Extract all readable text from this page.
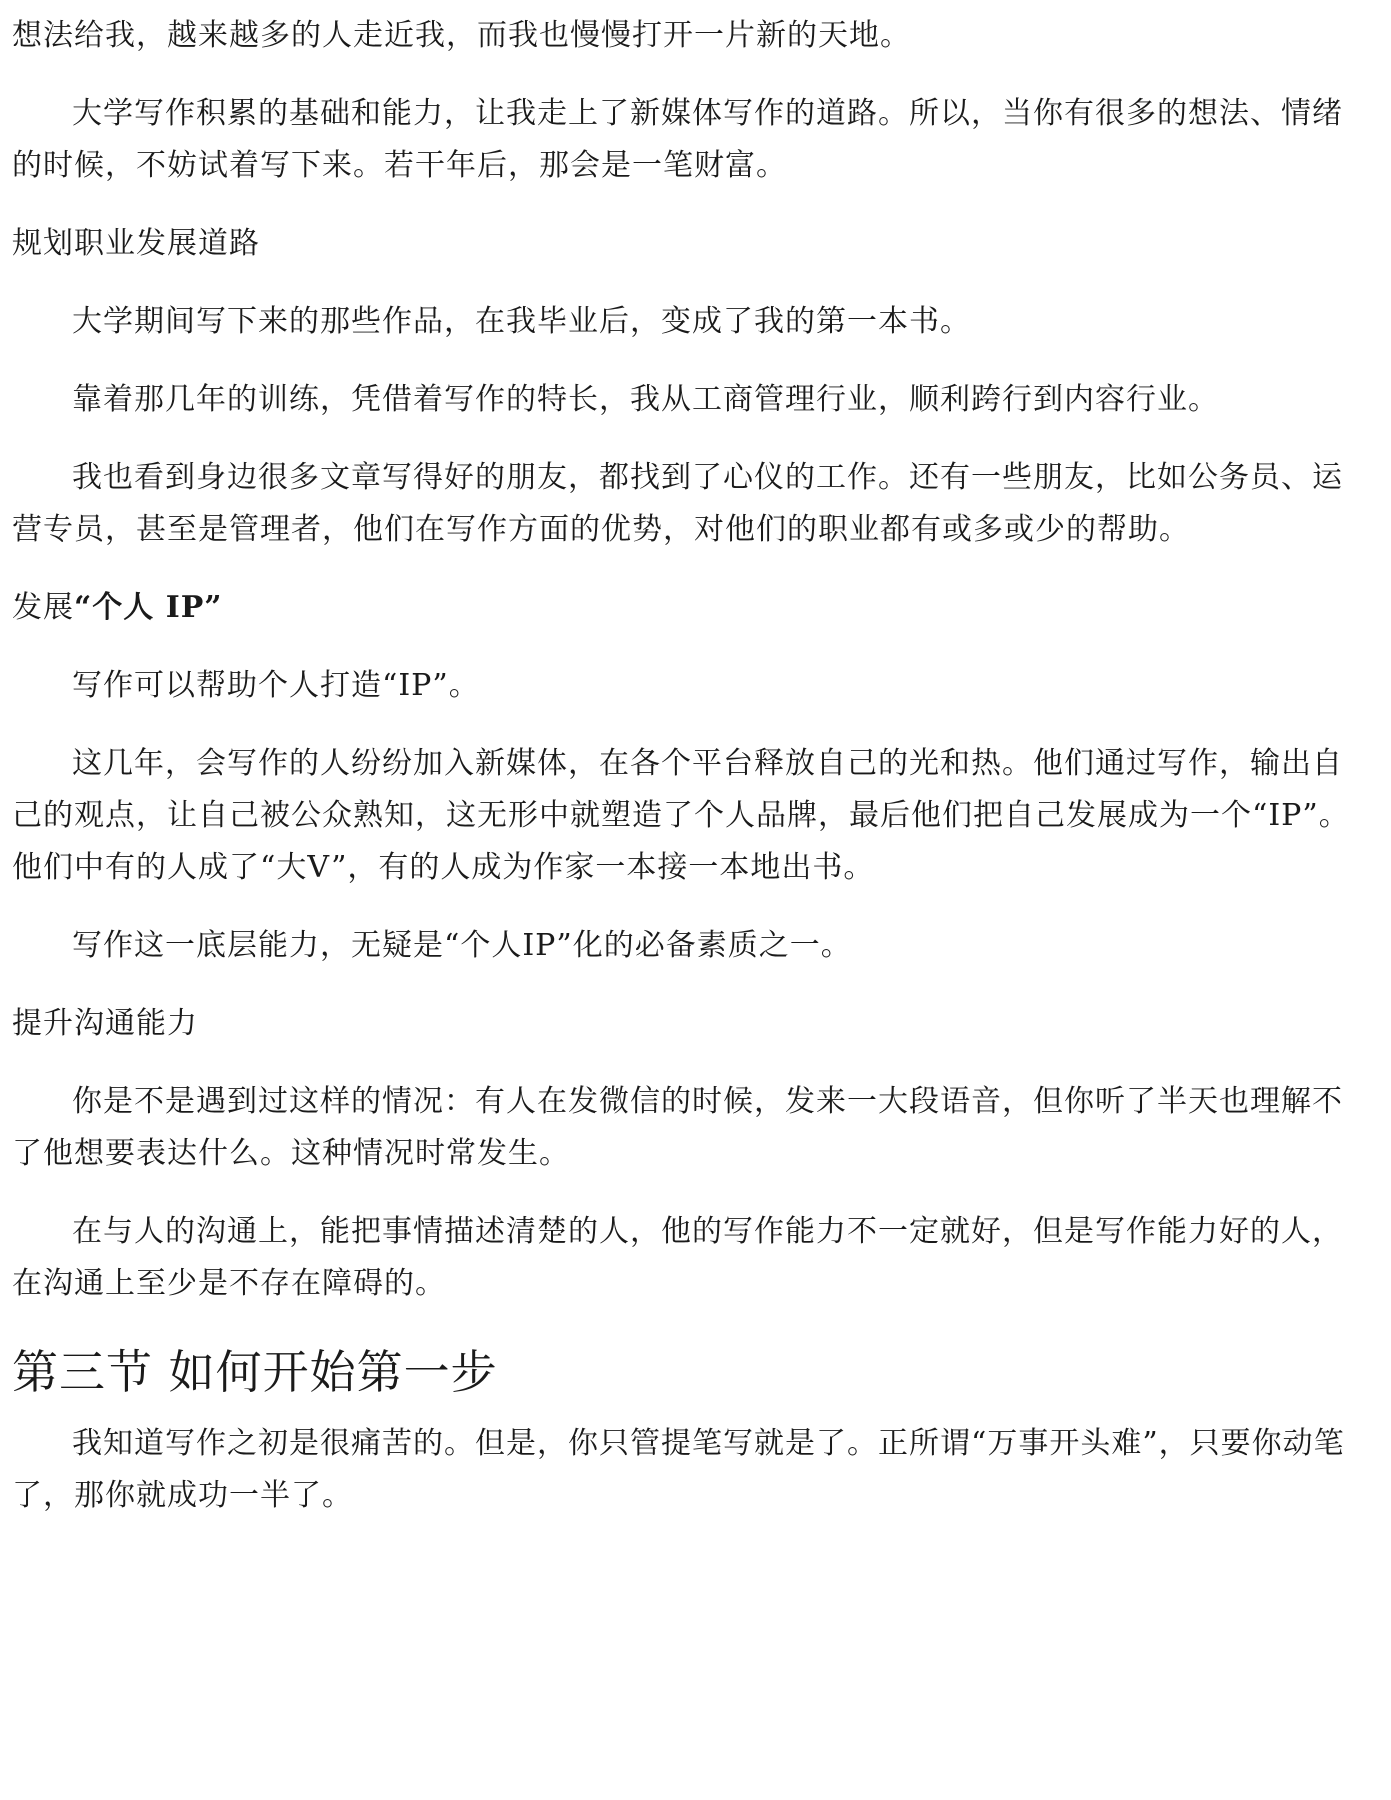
想法给我，越来越多的人走近我，而我也慢慢打开一片新的天地。

大学写作积累的基础和能力，让我走上了新媒体写作的道路。所以，当你有很多的想法、情绪的时候，不妨试着写下来。若干年后，那会是一笔财富。

规划职业发展道路

大学期间写下来的那些作品，在我毕业后，变成了我的第一本书。

靠着那几年的训练，凭借着写作的特长，我从工商管理行业，顺利跨行到内容行业。

我也看到身边很多文章写得好的朋友，都找到了心仪的工作。还有一些朋友，比如公务员、运营专员，甚至是管理者，他们在写作方面的优势，对他们的职业都有或多或少的帮助。

发展“个人 IP”

写作可以帮助个人打造“IP”。

这几年，会写作的人纷纷加入新媒体，在各个平台释放自己的光和热。他们通过写作，输出自己的观点，让自己被公众熟知，这无形中就塑造了个人品牌，最后他们把自己发展成为一个“IP”。他们中有的人成了“大V”，有的人成为作家一本接一本地出书。

写作这一底层能力，无疑是“个人IP”化的必备素质之一。

提升沟通能力

你是不是遇到过这样的情况：有人在发微信的时候，发来一大段语音，但你听了半天也理解不了他想要表达什么。这种情况时常发生。

在与人的沟通上，能把事情描述清楚的人，他的写作能力不一定就好，但是写作能力好的人，在沟通上至少是不存在障碍的。

第三节 如何开始第一步

我知道写作之初是很痛苦的。但是，你只管提笔写就是了。正所谓“万事开头难”，只要你动笔了，那你就成功一半了。
